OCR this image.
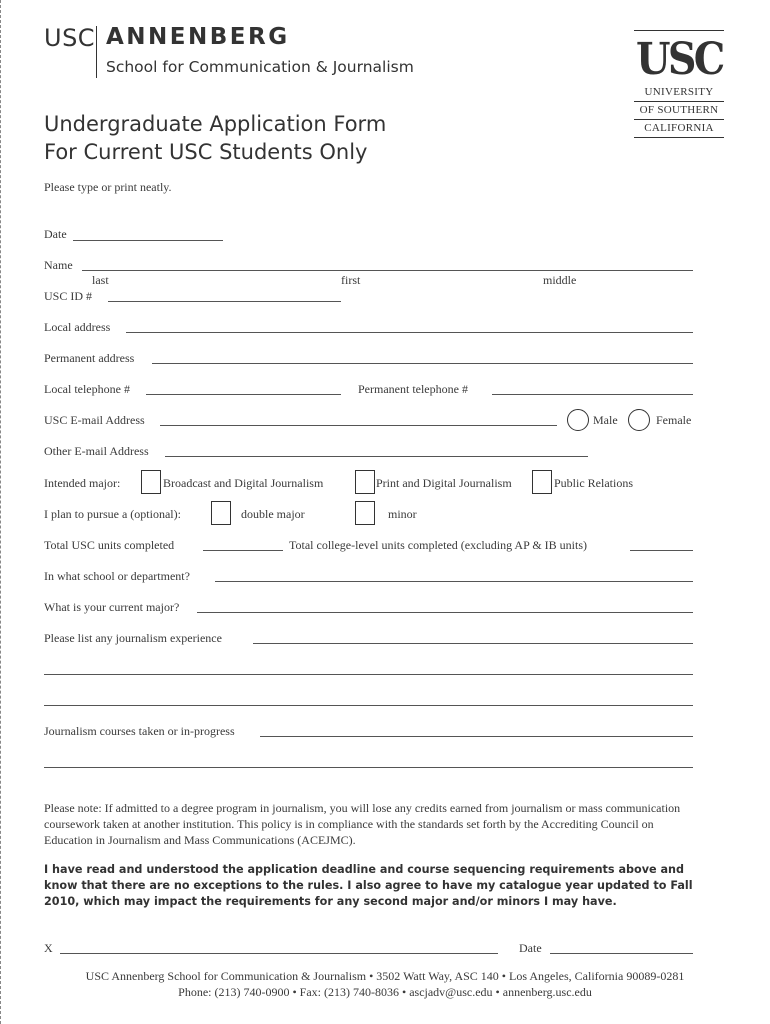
USC ANNENBERG
School for Communication & Journalism	USC
UNIVERSITY
OF SOUTHERN
CALIFORNIA
Undergraduate Application Form
For Current USC Students Only
Please type or print neatly.
Date
Name
last	first	middle
USC ID #
Local address
Permanent address
Local telephone #	Permanent telephone #
USC E-mail Address	Male	Female
Other E-mail Address
Intended major:	Broadcast and Digital Journalism	Print and Digital Journalism	Public Relations
I plan to pursue a (optional):	double major	minor
Total USC units completed	Total college-level units completed (excluding AP & IB units)
In what school or department?
What is your current major?
Please list any journalism experience
Journalism courses taken or in-progress
Please note: If admitted to a degree program in journalism, you will lose any credits earned from journalism or mass communication coursework taken at another institution. This policy is in compliance with the standards set forth by the Accrediting Council on Education in Journalism and Mass Communications (ACEJMC).
I have read and understood the application deadline and course sequencing requirements above and know that there are no exceptions to the rules. I also agree to have my catalogue year updated to Fall 2010, which may impact the requirements for any second major and/or minors I may have.
X	Date
USC Annenberg School for Communication & Journalism • 3502 Watt Way, ASC 140 • Los Angeles, California 90089-0281
Phone: (213) 740-0900 • Fax: (213) 740-8036 • ascjadv@usc.edu • annenberg.usc.edu
